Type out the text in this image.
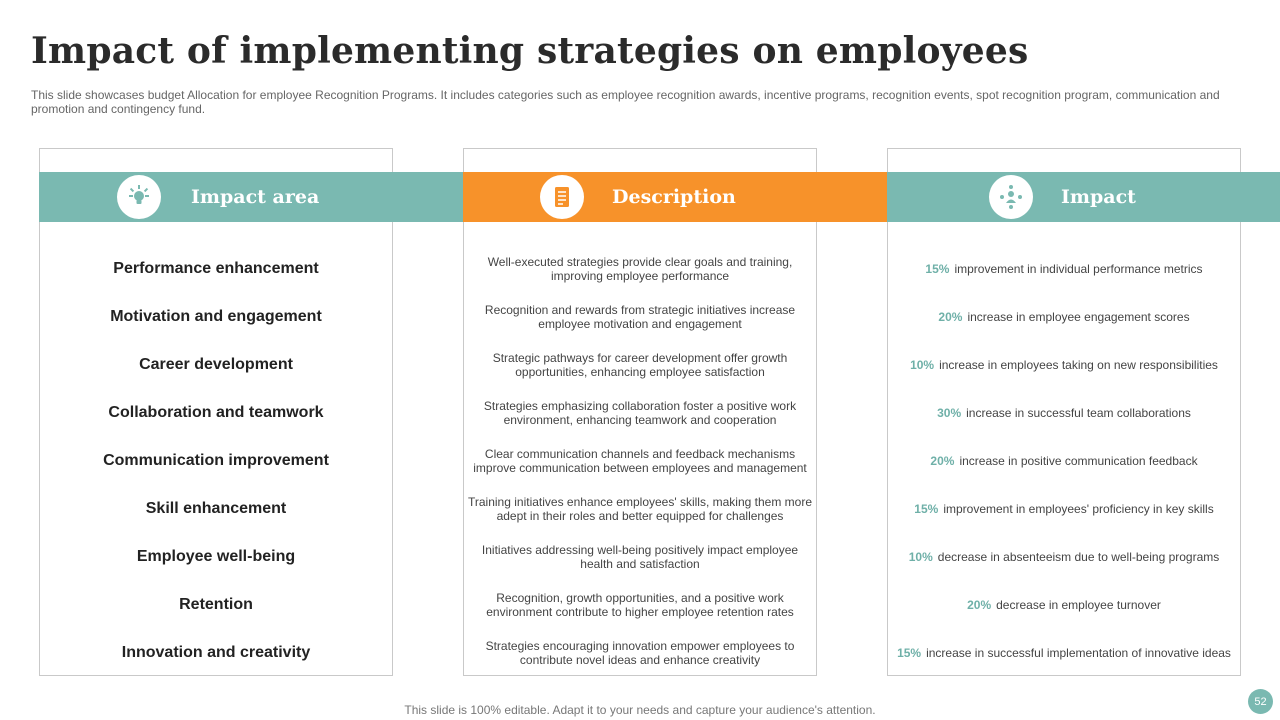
Impact of implementing strategies on employees

This slide showcases budget Allocation for employee Recognition Programs. It includes categories such as employee recognition awards, incentive programs, recognition events, spot recognition program, communication and promotion and contingency fund.

Impact area	Description	Impact
Performance enhancement
Motivation and engagement
Career development
Collaboration and teamwork
Communication improvement
Skill enhancement
Employee well-being
Retention
Innovation and creativity
Well-executed strategies provide clear goals and training, improving employee performance
Recognition and rewards from strategic initiatives increase employee motivation and engagement
Strategic pathways for career development offer growth opportunities, enhancing employee satisfaction
Strategies emphasizing collaboration foster a positive work environment, enhancing teamwork and cooperation
Clear communication channels and feedback mechanisms improve communication between employees and management
Training initiatives enhance employees' skills, making them more adept in their roles and better equipped for challenges
Initiatives addressing well-being positively impact employee health and satisfaction
Recognition, growth opportunities, and a positive work environment contribute to higher employee retention rates
Strategies encouraging innovation empower employees to contribute novel ideas and enhance creativity
15% improvement in individual performance metrics
20% increase in employee engagement scores
10% increase in employees taking on new responsibilities
30% increase in successful team collaborations
20% increase in positive communication feedback
15% improvement in employees' proficiency in key skills
10% decrease in absenteeism due to well-being programs
20% decrease in employee turnover
15% increase in successful implementation of innovative ideas
This slide is 100% editable. Adapt it to your needs and capture your audience's attention.
52
